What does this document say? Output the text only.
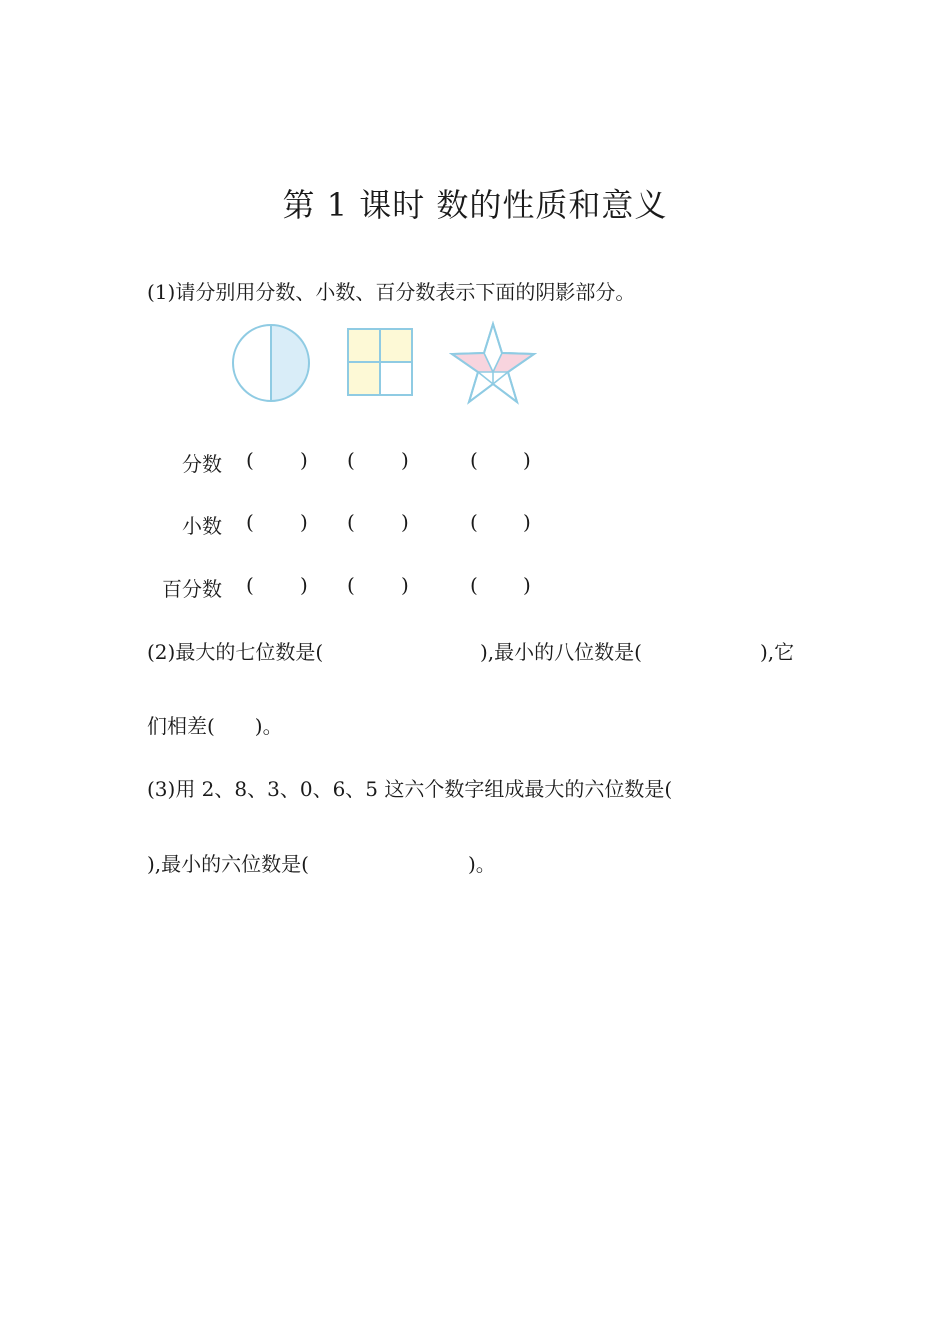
第 1 课时 数的性质和意义
(1)请分别用分数、小数、百分数表示下面的阴影部分。
分数 ( ) ( )	( )
小数 ( ) ( )	( )
百分数 ( ) ( )	( )
(2)最大的七位数是(	),最小的八位数是(	),它
们相差(　　)。
(3)用 2、8、3、0、6、5 这六个数字组成最大的六位数是(
),最小的六位数是(	)。
